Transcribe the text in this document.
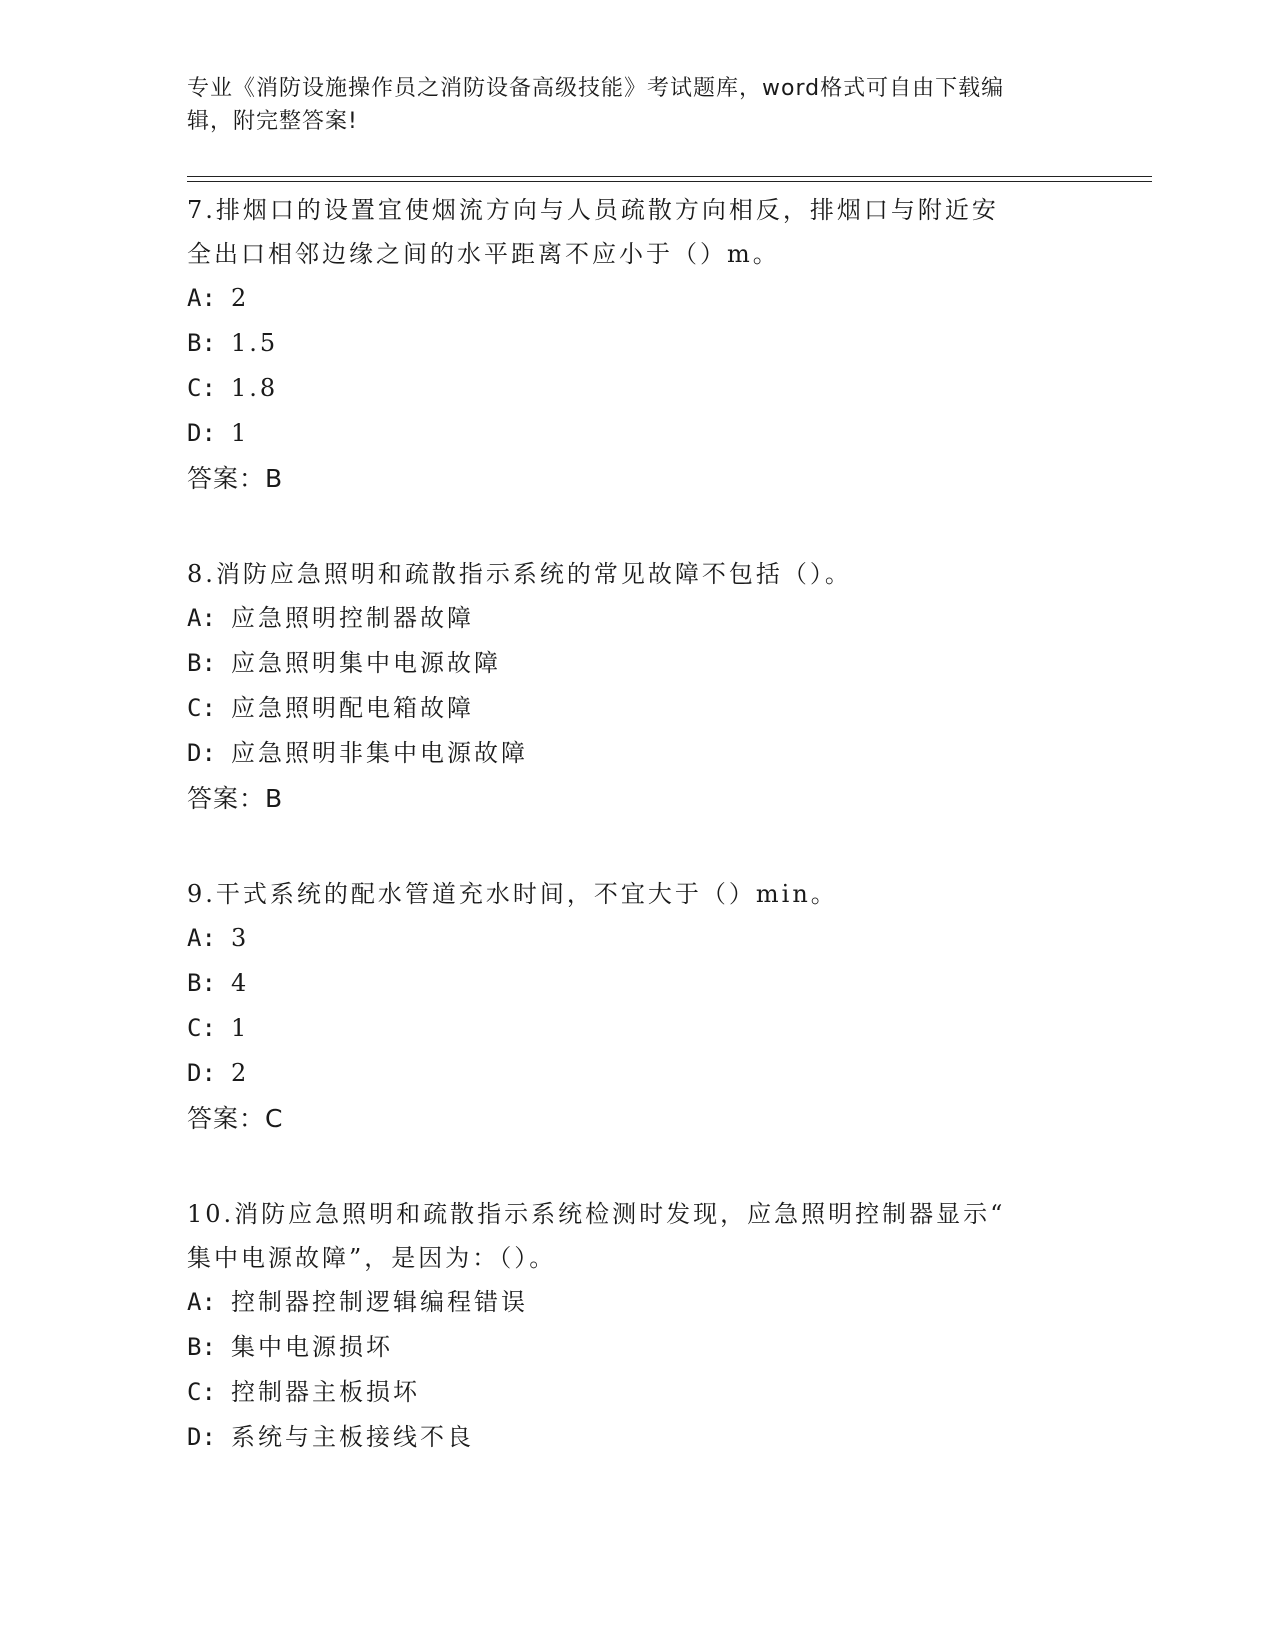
专业《消防设施操作员之消防设备高级技能》考试题库，word格式可自由下载编
辑，附完整答案!
7.排烟口的设置宜使烟流方向与人员疏散方向相反，排烟口与附近安
全出口相邻边缘之间的水平距离不应小于（）m。
A: 2
B: 1.5
C: 1.8
D: 1
答案：B
8.消防应急照明和疏散指示系统的常见故障不包括（）。
A: 应急照明控制器故障
B: 应急照明集中电源故障
C: 应急照明配电箱故障
D: 应急照明非集中电源故障
答案：B
9.干式系统的配水管道充水时间，不宜大于（）min。
A: 3
B: 4
C: 1
D: 2
答案：C
10.消防应急照明和疏散指示系统检测时发现，应急照明控制器显示“
集中电源故障”，是因为：（）。
A: 控制器控制逻辑编程错误
B: 集中电源损坏
C: 控制器主板损坏
D: 系统与主板接线不良
